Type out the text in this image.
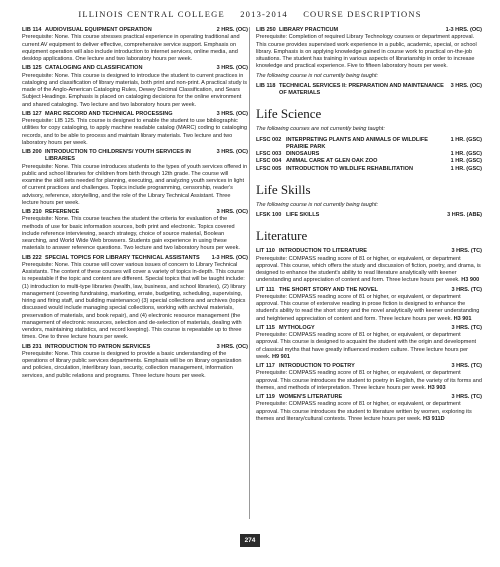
ILLINOIS CENTRAL COLLEGE 2013-2014 COURSE DESCRIPTIONS
LIB 114 AUDIOVISUAL EQUIPMENT OPERATION	2 HRS. (OC)

Prerequisite: None. This course stresses practical experience in operating traditional and current AV equipment to deliver effective, comprehensive service support. Emphasis on equipment operation will also include introduction to internet services, online media, and desktop applications. One lecture and two laboratory hours per week.

LIB 125 CATALOGING AND CLASSIFICATION	3 HRS. (OC)

Prerequisite: None. This course is designed to introduce the student to current practices in cataloging and classification of library materials, both print and non-print. A practical study is made of the Anglo-American Cataloging Rules, Dewey Decimal Classification, and Sears Subject Headings. Emphasis is placed on cataloging decisions for the online environment and shared cataloging. Two lecture and two laboratory hours per week.

LIB 127 MARC RECORD AND TECHNICAL PROCESSING	3 HRS. (OC)

Prerequisite: LIB 125. This course is designed to enable the student to use bibliographic utilities for copy cataloging, to apply machine readable catalog (MARC) coding to cataloging records, and to be able to process and maintain library materials. Two lecture and two laboratory hours per week.

LIB 200 INTRODUCTION TO CHILDREN'S/ YOUTH SERVICES IN LIBRARIES
3 HRS. (OC)

Prerequisite: None. This course introduces students to the types of youth services offered in public and school libraries for children from birth through 12th grade. The course will examine the skill sets needed for planning, executing, and analyzing youth services in light of current practices and challenges. Topics include programming, censorship, reader's advisory, reference, storytelling, and the role of the Library Technical Assistant. Three lecture hours per week.

LIB 210 REFERENCE	3 HRS. (OC)

Prerequisite: None. This course teaches the student the criteria for evaluation of the methods of use for basic information sources, both print and electronic. Topics covered include reference interviewing, search strategy, choice of source material, Boolean searching, and World Wide Web browsers. Students gain experience in using these materials to answer reference questions. Two lecture and two laboratory hours per week.

LIB 222 SPECIAL TOPICS FOR LIBRARY TECHNICAL ASSISTANTS	1-3 HRS. (OC)

Prerequisite: None. This course will cover various issues of concern to Library Technical Assistants. The content of these courses will cover a variety of topics in-depth. This course is repeatable if the topic and content are different. Special topics that will be taught include: (1) introduction to multi-type libraries (health, law, business, and school libraries), (2) library management (covering fundraising, marketing, errate, budgeting, scheduling, supervising, hiring and firing staff, and building maintenance) (3) special collections and archives (topics discussed would include managing special collections, working with archival materials, preservation of materials, and book repair), and (4) electronic resource management (the management of electronic resources, selection and de-selection of materials, dealing with vendors, maintaining statistics, and record keeping). This course is repeatable up to three times. One to three lecture hours per week.

LIB 231 INTRODUCTION TO PATRON SERVICES	3 HRS. (OC)

Prerequisite: None. This course is designed to provide a basic understanding of the operations of library public services departments. Emphasis will be on library organization and policies, circulation, interlibrary loan, security, collection management, information services, and public relations and programs. Three lecture hours per week.

LIB 250 LIBRARY PRACTICUM	1-3 HRS. (OC)

Prerequisite: Completion of required Library Technology courses or department approval. This course provides supervised work experience in a public, academic, special, or school library. Emphasis is on applying knowledge gained in course work to practical on-the-job situations. The student has training in various aspects of librarianship in order to increase knowledge and practical experience. Five to fifteen laboratory hours per week.

The following course is not currently being taught:
LIB 118 TECHNICAL SERVICES II: PREPARATION AND MAINTENANCE OF MATERIALS
3 HRS. (OC)
Life Science
The following courses are not currently being taught:
LFSC 002 INTERPRETING PLANTS AND ANIMALS OF WILDLIFE PRAIRIE PARK
1 HR. (GSC)
LFSC 003 DINOSAURS	1 HR. (GSC)
LFSC 004 ANIMAL CARE AT GLEN OAK ZOO	1 HR. (GSC)
LFSC 005 INTRODUCTION TO WILDLIFE REHABILITATION	1 HR. (GSC)
Life Skills
The following course is not currently being taught:
LFSK 100 LIFE SKILLS	3 HRS. (ABE)
Literature
LIT 110 INTRODUCTION TO LITERATURE	3 HRS. (TC)

Prerequisite: COMPASS reading score of 81 or higher, or equivalent, or department approval. This course, which offers the study and discussion of fiction, poetry, and drama, is designed to enhance the student's ability to read literature analytically with keener understanding and appreciation of content and form. Three lecture hours per week. H3 900

LIT 111 THE SHORT STORY AND THE NOVEL	3 HRS. (TC)

Prerequisite: COMPASS reading score of 81 or higher, or equivalent, or department approval. This course of extensive reading in prose fiction is designed to enhance the student's ability to read the short story and the novel analytically with keener understanding and heightened appreciation of content and form. Three lecture hours per week. H3 901

LIT 115 MYTHOLOGY	3 HRS. (TC)

Prerequisite: COMPASS reading score of 81 or higher, or equivalent, or department approval. This course is designed to acquaint the student with the origin and development of classical myths that have greatly influenced modern culture. Three lecture hours per week. H9 901

LIT 117 INTRODUCTION TO POETRY	3 HRS. (TC)

Prerequisite: COMPASS reading score of 81 or higher, or equivalent, or department approval. This course introduces the student to poetry in English, the variety of its forms and themes, and methods of interpretation. Three lecture hours per week. H3 903

LIT 119 WOMEN'S LITERATURE	3 HRS. (TC)

Prerequisite: COMPASS reading score of 81 or higher, or equivalent, or department approval. This course introduces the student to literature written by women, exploring its themes and literary/cultural contexts. Three lecture hours per week. H3 911D

274
